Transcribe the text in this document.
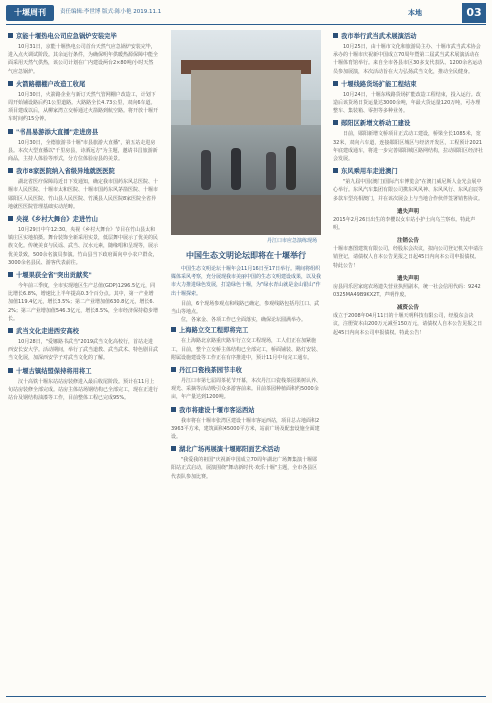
十堰周刊	责任编辑:李世博 版式:陈小艳 2019.11.1	本地	03
京能十堰热电公司应急锅炉安装完毕

10月31日，京能十堰热电公司首台天然气应急锅炉安装完毕，进入点火调试阶段。其余运行条件，为确保明年供暖热源保障中能全面采用天然气供热，该公司计划在广内建设两台2×80吨/小时天然气应急锅炉。

火箭路棚棚户改造工收尾

10月30日，火箭路企业与新订天然气管网棚户改造工，计划下周开始铺设路后约1公里道路。大路路全长4.73公里，双向6车道。项目建成以后，从柳家湾立交桥通过火箭路到航空路。将开放十堰开车时间约15分钟。

"书昌易游添大直播"走进房县

10月30日，全德旅游书十堰"市县旅游大直播"，第五站走进房县。本次大型直播以"千里房县，诗酒远方"为主题，邀请书昌旅游新商品，主持人体验等形式，分方位体验房县的美景。

我市8家医院纳入省级异地就医医院

湖北省医疗保障局近日下发通知，确定我市国药东风总医院、十堰市人民医院、十堰市太和医院、十堰市国药东风茅箭医院、十堰市郧阳区人民医院、竹山县人民医院、竹溪县人民医院8家医院全省异地就医医院管理基础实动范畴。

央视《乡村大舞台》走进竹山

10月29日中午12:30，央视《乡村大舞台》节目在竹山县太和镇庄区实地拍摄。舞台装饰全新采用实景，低层舞中展示了优美的民族文化。传统美食与民谣、武当、汉水元素，随缘唱和呈现等，展示优美景致，500余名演员参演。竹山县当下政府面向中小农户群众，3000余名县民、游客代表前往。

十堰果获全省"突出贡献奖"

今年前三季度，全市实现地区生产总值(GDP)1296.5亿元，同比增长6.8%，增速比上半年提高0.3个百分点。其中，第一产业增加值119.4亿元，增长3.5%；第二产业增加值630.8亿元，增长6.2%；第三产业增加值546.3亿元，增长8.5%，全市经济保持稳步增长。

武当文化走进西安高校

10月28日，"爱娜路书武当"2019武当文化高校行，首站走进西安长安大学。活动期间，举行了武当道教、武当武术、特色剧目武当文化展，加深西安学子对武当文化的了解。

十堰古镇结盟保持将用将工

汉十高铁十堰东站站房装修进入最后收尾阶段。预计在11月上旬站房装修全部完成。站房主体站场钢结构已全部完工，现在正进行站台及钢结构油漆等工作，目前整体工程已完成95%。

丹江口市应急演练现场
中国生态文明论坛即将在十堰举行

中国生态文明论坛十堰年会11月16日至17日举行。期间将组织媒体采风考察，充分展现我市美丽中国的生态文明建设成果，以及我市大力推进绿色发展，打造绿色十堰，为"绿水青山就是金山银山"作出十堰探索。

目前，6个现场参观点和线路已确定，参观线路包括丹江口、武当山等地点。

位，各家金、各项工作已全面落实，确保论坛圆满举办。

上海路立交工程即将完工

在上海路北京路重庆路车行立交工程现场，工人们正在加紧施工，目前，整个立交桥主体结构已全部完工，桥面铺装、路灯安装、附属设施建设等工作正在有序推进中，预计11月中旬完工通车。

丹江口瓷栈茶园节丰收

丹江口市第七届周茶花节开幕，本次丹江口瓷栈茶园果树认养、观光、采摘等活动吸引众多游客前来。目前茶园种植面积约5000余亩，年产量达到1200吨。

我市将建设十堰市客运西站

我市将在十堰市张湾区建设十堰市客运西站，项目总占地面积23963平方米，建筑面积45000平方米，站前广场及配套设施全面建设。

湖北广场再展演十堰郧阳面艺术活动

"我爱我的祖国"庆祝新中国成立70周年湖北广场舞集演十堰郧阳站正式启动，展演围绕"舞动新时代·欢乐十堰"主题，全市各县区代表队参加比赛。

我市举行武当武术展演活动

10月25日，由十堰市文化和旅游局主办、十堰市武当武术协会承办的十堰市庆祝新中国成立70周年暨第二届武当武术展演活动在十堰体育馆举行。来自全市各县市区30多支代表队、1200余名运动员参加展演，本次活动旨在大力弘扬武当文化，推动全民健身。

十堰线路货场扩能工程结束

10月24日，十堰东线路货场扩能改造工程结束，投入运行。改造后该货场日货运量达3000余吨，年最大货运量120万吨，可办理整车、集装箱、零担等多种业务。

郧阳区新增文桥动工建设

日前，郧阳新增文桥项目正式动工建设，桥梁全长1085米，宽32米，双向六车道，连接郧阳区城区与经济开发区，工程预计2021年底建成通车，将进一步完善郧阳城区路网结构，拉动郧阳区经济社会发展。

东风乘用车走进澳门

"第九届中国(澳门)国际汽车博览会"在澳门威尼斯人金光会展中心举行。东风汽车集团有限公司携东风风神、东风风行、东风启辰等多款车型亮相澳门，并在该次展会上与当地合作伙伴签署销售协议。

遗失声明

2015年2月26日出生的李樱以女车站小护士向乌兰察布。特此声明。

注销公告

十堰市惠图建筑有限公司，经股东会决议，拟向公司登记机关申请注销登记，请债权人自本公告见报之日起45日内向本公司申报债权。特此公告！

遗失声明

房县同乐居家庭农场遗失营业执照副本，统一社会信用代码：92420325MA49B9KX2T。声明作废。

减资公告

成立于2008年04月11日的十堰天明科技有限公司，经股东会决议，注册资本由200万元减至150万元，请债权人自本公告见报之日起45日内向本公司申报债权。特此公告！
